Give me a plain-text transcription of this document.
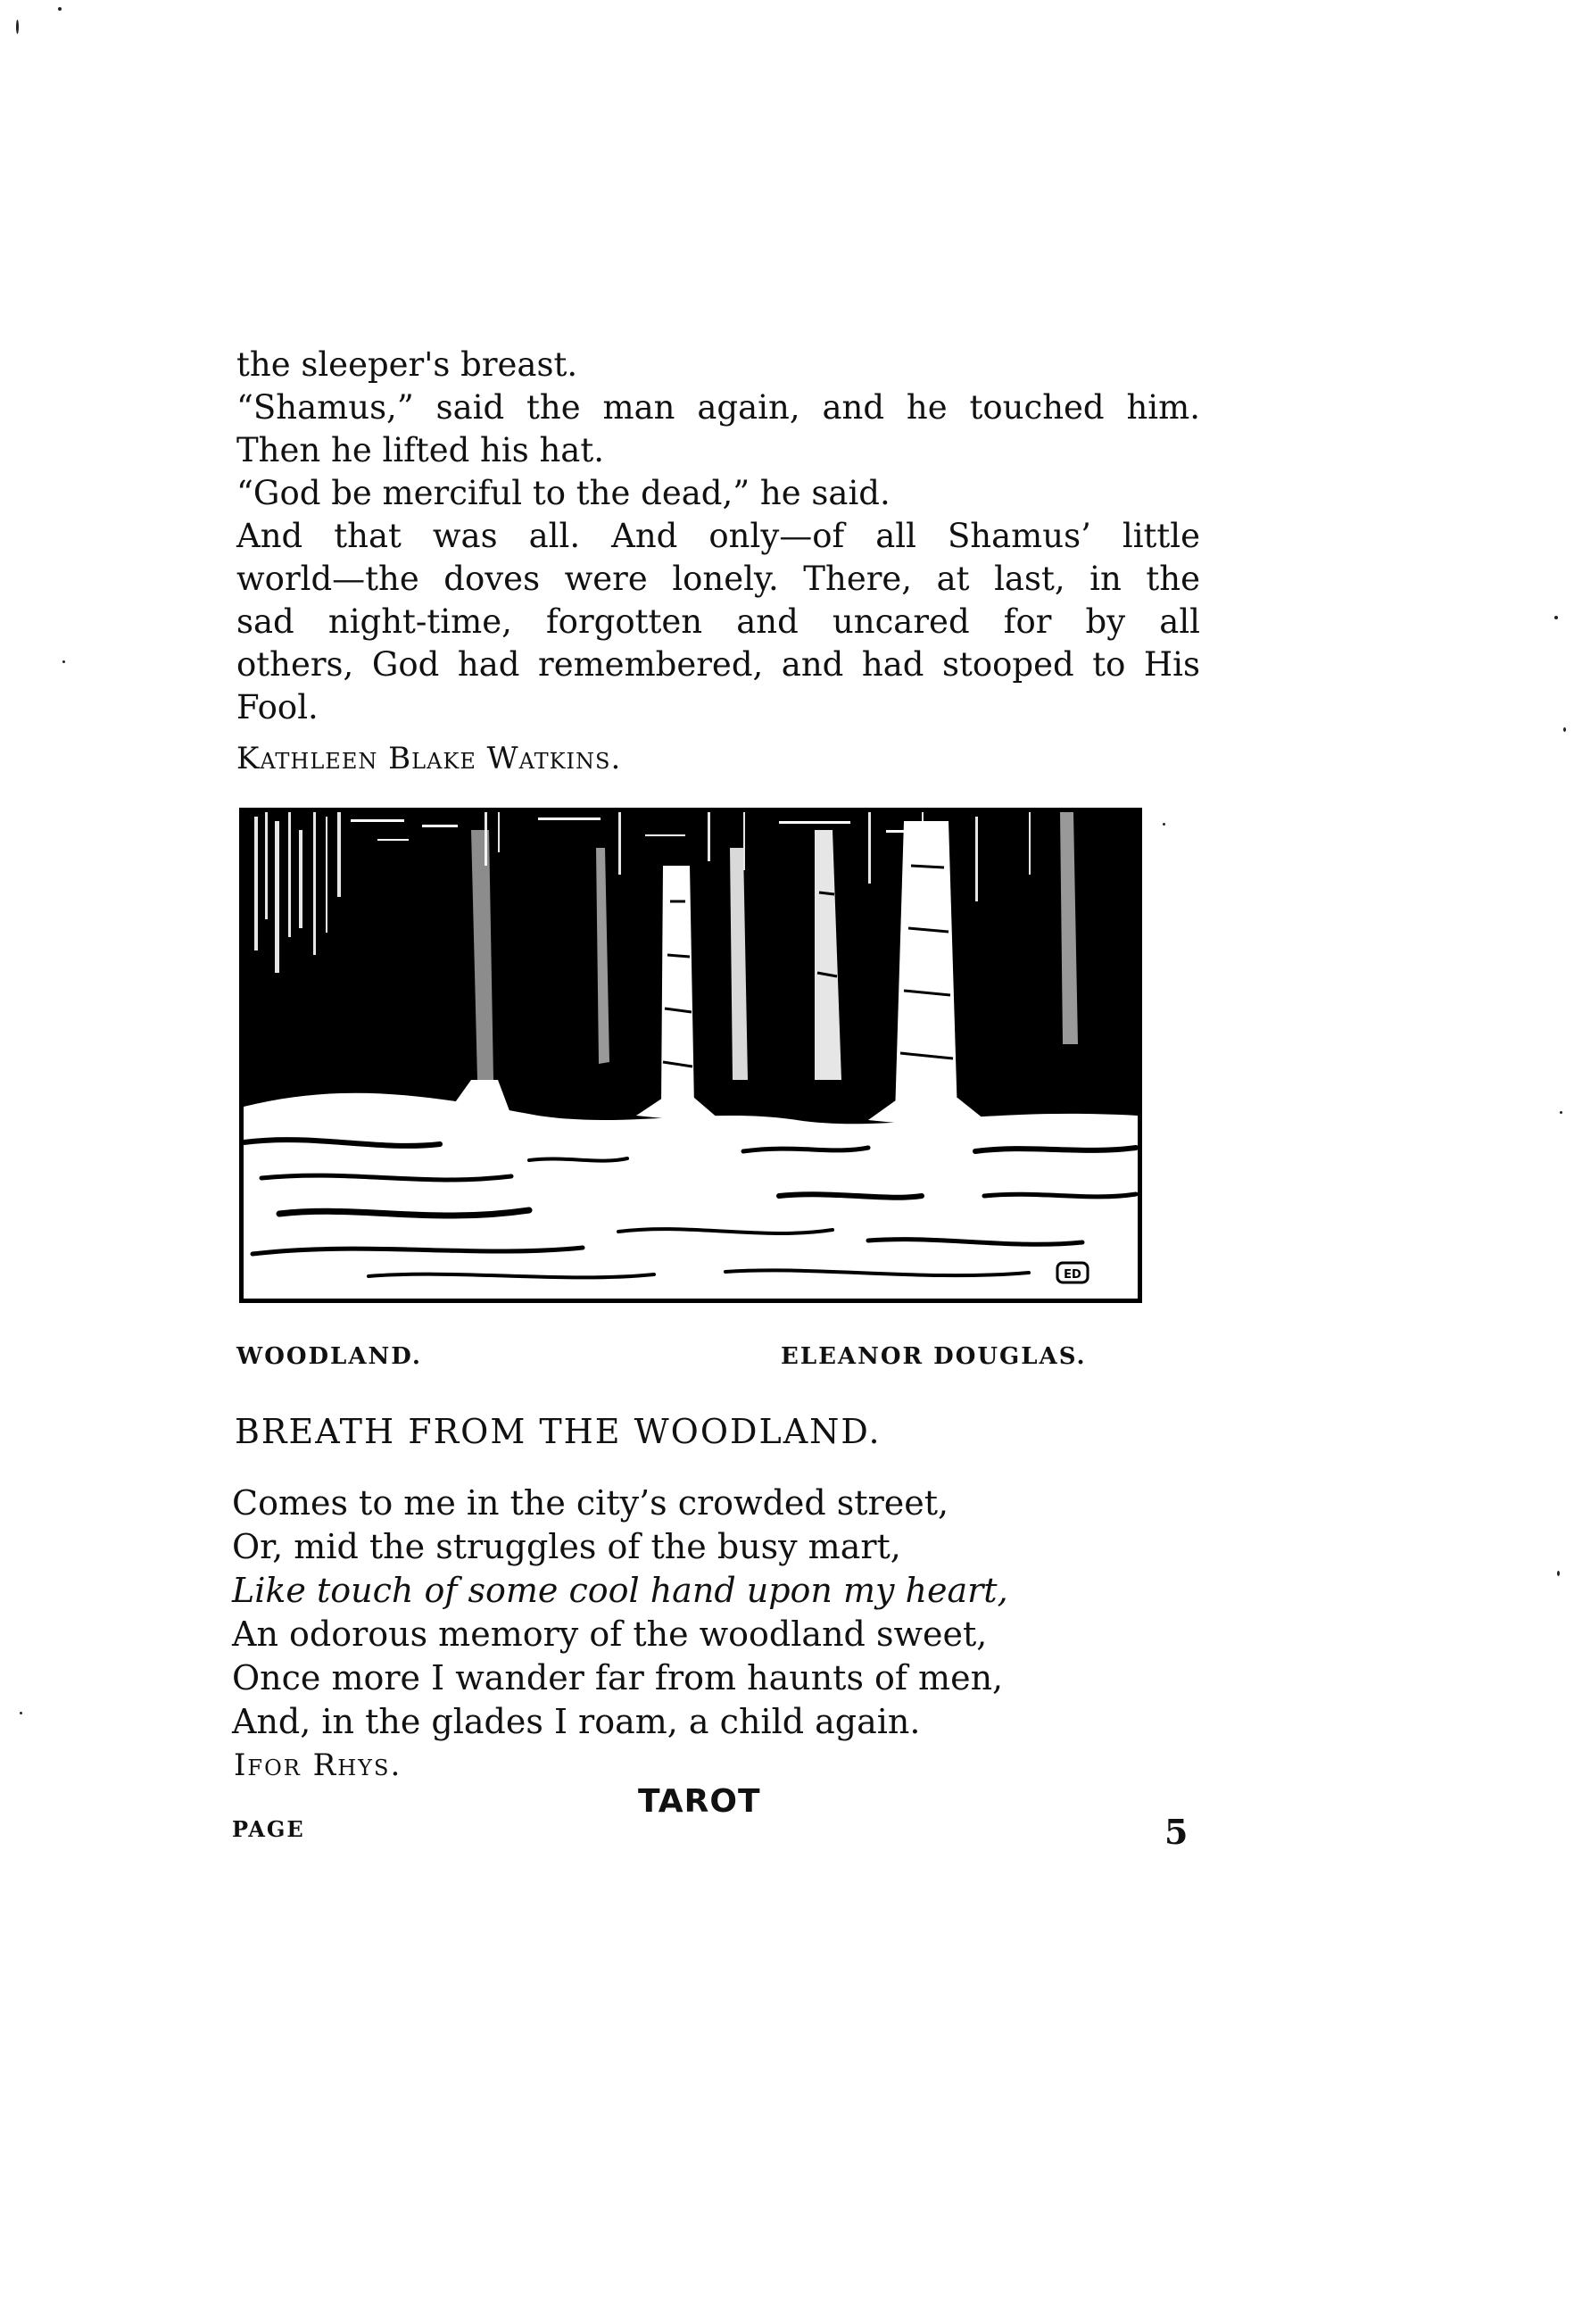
the sleeper's breast.
“Shamus,” said the man again, and he touched him.
Then he lifted his hat.
“God be merciful to the dead,” he said.
And that was all. And only—of all Shamus’ little
world—the doves were lonely. There, at last, in the
sad night-time, forgotten and uncared for by all
others, God had remembered, and had stooped to His
Fool.
Kathleen Blake Watkins.
ED
WOODLAND.	ELEANOR DOUGLAS.
BREATH FROM THE WOODLAND.
Comes to me in the city’s crowded street,
Or, mid the struggles of the busy mart,
Like touch of some cool hand upon my heart,
An odorous memory of the woodland sweet,
Once more I wander far from haunts of men,
And, in the glades I roam, a child again.
Ifor Rhys.
TAROT
PAGE	5
